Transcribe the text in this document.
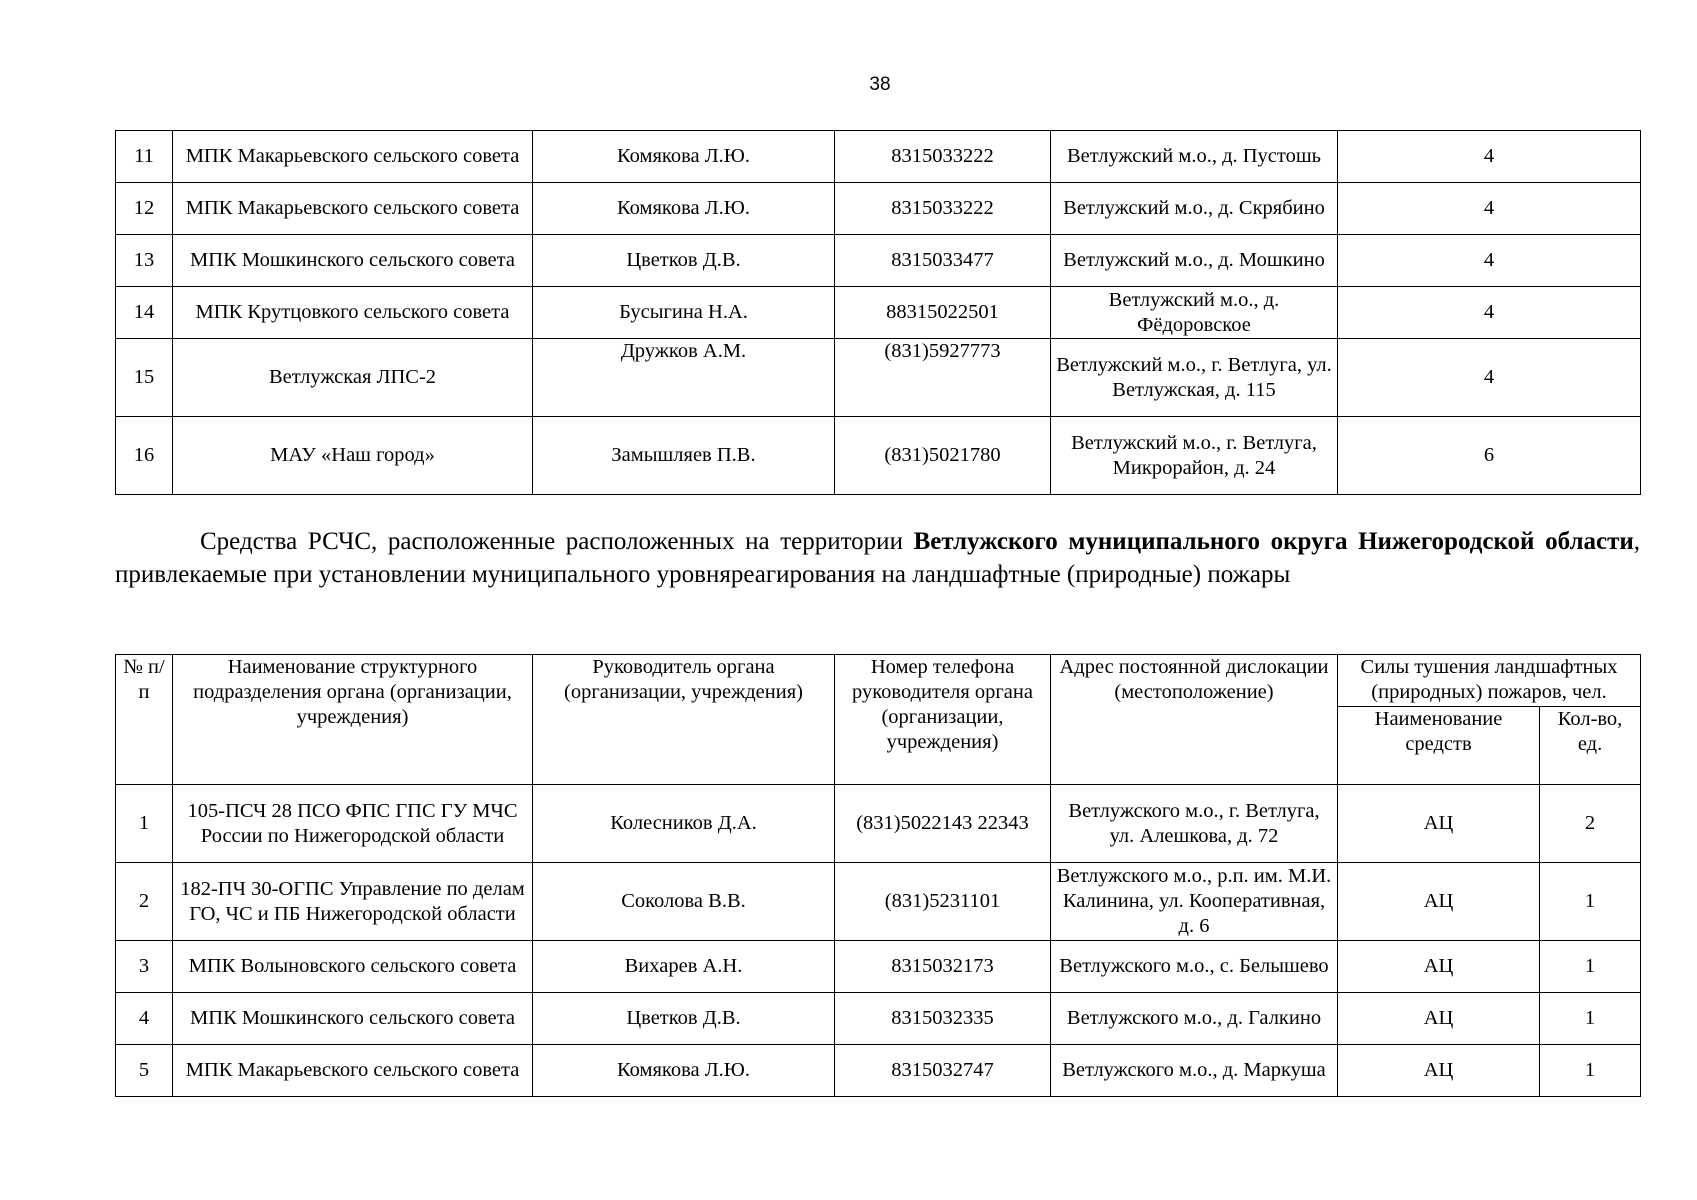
38
11	МПК Макарьевского сельского совета	Комякова Л.Ю.	8315033222	Ветлужский м.о., д. Пустошь	4
12	МПК Макарьевского сельского совета	Комякова Л.Ю.	8315033222	Ветлужский м.о., д. Скрябино	4
13	МПК Мошкинского сельского совета	Цветков Д.В.	8315033477	Ветлужский м.о., д. Мошкино	4
14	МПК Крутцовкого сельского совета	Бусыгина Н.А.	88315022501	Ветлужский м.о., д. Фёдоровское	4
15	Ветлужская ЛПС-2	Дружков А.М.	(831)5927773	Ветлужский м.о., г. Ветлуга, ул. Ветлужская, д. 115	4
16	МАУ «Наш город»	Замышляев П.В.	(831)5021780	Ветлужский м.о., г. Ветлуга, Микрорайон, д. 24	6
Средства РСЧС, расположенные расположенных на территории Ветлужского муниципального округа Нижегородской области, привлекаемые при установлении муниципального уровняреагирования на ландшафтные (природные) пожары
№ п/п	Наименование структурного подразделения органа (организации, учреждения)	Руководитель органа (организации, учреждения)	Номер телефона руководителя органа (организации, учреждения)	Адрес постоянной дислокации (местоположение)	Силы тушения ландшафтных (природных) пожаров, чел.	
					Наименование средств	Кол-во, ед.
1	105-ПСЧ 28 ПСО ФПС ГПС ГУ МЧС России по Нижегородской области	Колесников Д.А.	(831)5022143 22343	Ветлужского м.о., г. Ветлуга, ул. Алешкова, д. 72	АЦ	2
2	182-ПЧ 30-ОГПС Управление по делам ГО, ЧС и ПБ Нижегородской области	Соколова В.В.	(831)5231101	Ветлужского м.о., р.п. им. М.И. Калинина, ул. Кооперативная, д. 6	АЦ	1
3	МПК Волыновского сельского совета	Вихарев А.Н.	8315032173	Ветлужского м.о., с. Белышево	АЦ	1
4	МПК Мошкинского сельского совета	Цветков Д.В.	8315032335	Ветлужского м.о., д. Галкино	АЦ	1
5	МПК Макарьевского сельского совета	Комякова Л.Ю.	8315032747	Ветлужского м.о., д. Маркуша	АЦ	1
